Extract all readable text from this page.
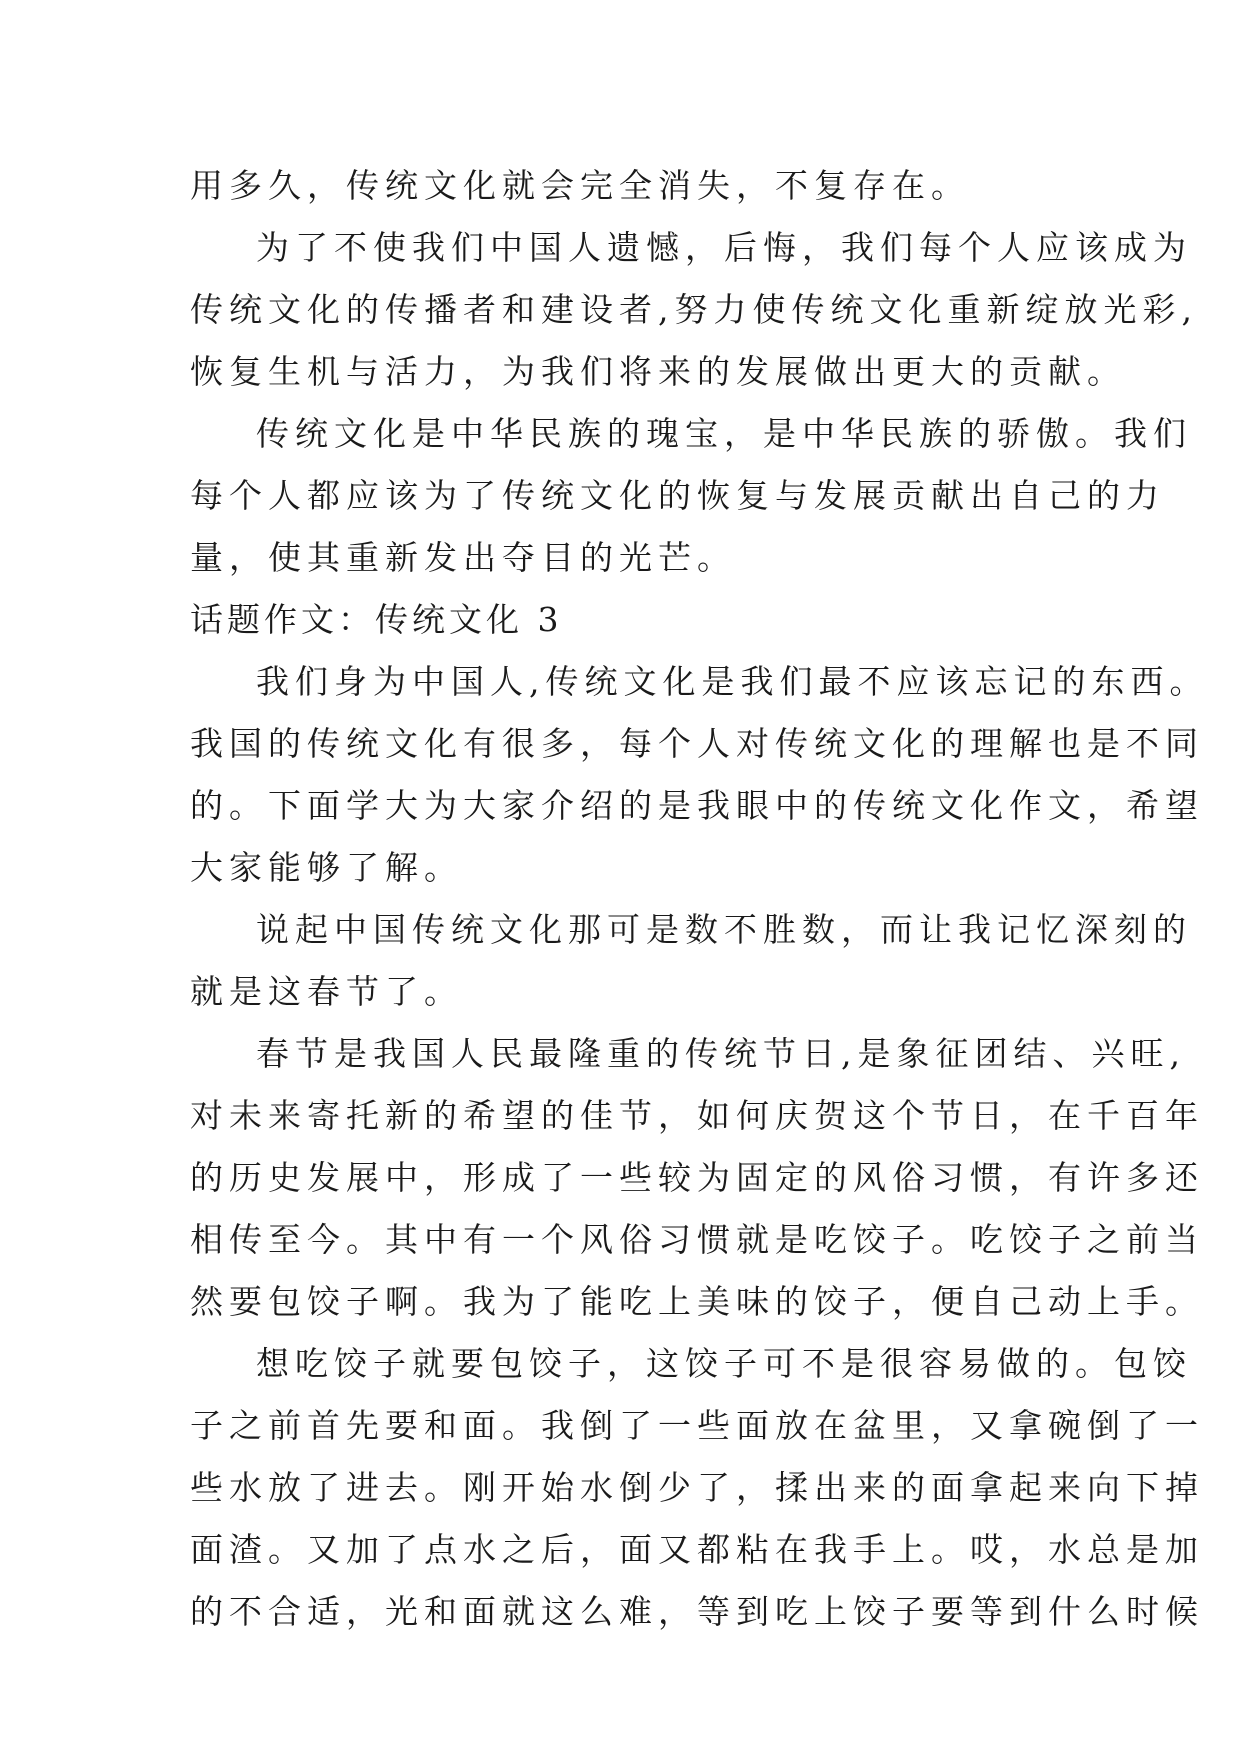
用多久，传统文化就会完全消失，不复存在。
为了不使我们中国人遗憾，后悔，我们每个人应该成为
传统文化的传播者和建设者,努力使传统文化重新绽放光彩,
恢复生机与活力，为我们将来的发展做出更大的贡献。
传统文化是中华民族的瑰宝，是中华民族的骄傲。我们
每个人都应该为了传统文化的恢复与发展贡献出自己的力
量，使其重新发出夺目的光芒。
话题作文：传统文化 3
我们身为中国人,传统文化是我们最不应该忘记的东西。
我国的传统文化有很多，每个人对传统文化的理解也是不同
的。下面学大为大家介绍的是我眼中的传统文化作文，希望
大家能够了解。
说起中国传统文化那可是数不胜数，而让我记忆深刻的
就是这春节了。
春节是我国人民最隆重的传统节日,是象征团结、兴旺,
对未来寄托新的希望的佳节，如何庆贺这个节日，在千百年
的历史发展中，形成了一些较为固定的风俗习惯，有许多还
相传至今。其中有一个风俗习惯就是吃饺子。吃饺子之前当
然要包饺子啊。我为了能吃上美味的饺子，便自己动上手。
想吃饺子就要包饺子，这饺子可不是很容易做的。包饺
子之前首先要和面。我倒了一些面放在盆里，又拿碗倒了一
些水放了进去。刚开始水倒少了，揉出来的面拿起来向下掉
面渣。又加了点水之后，面又都粘在我手上。哎，水总是加
的不合适，光和面就这么难，等到吃上饺子要等到什么时候
